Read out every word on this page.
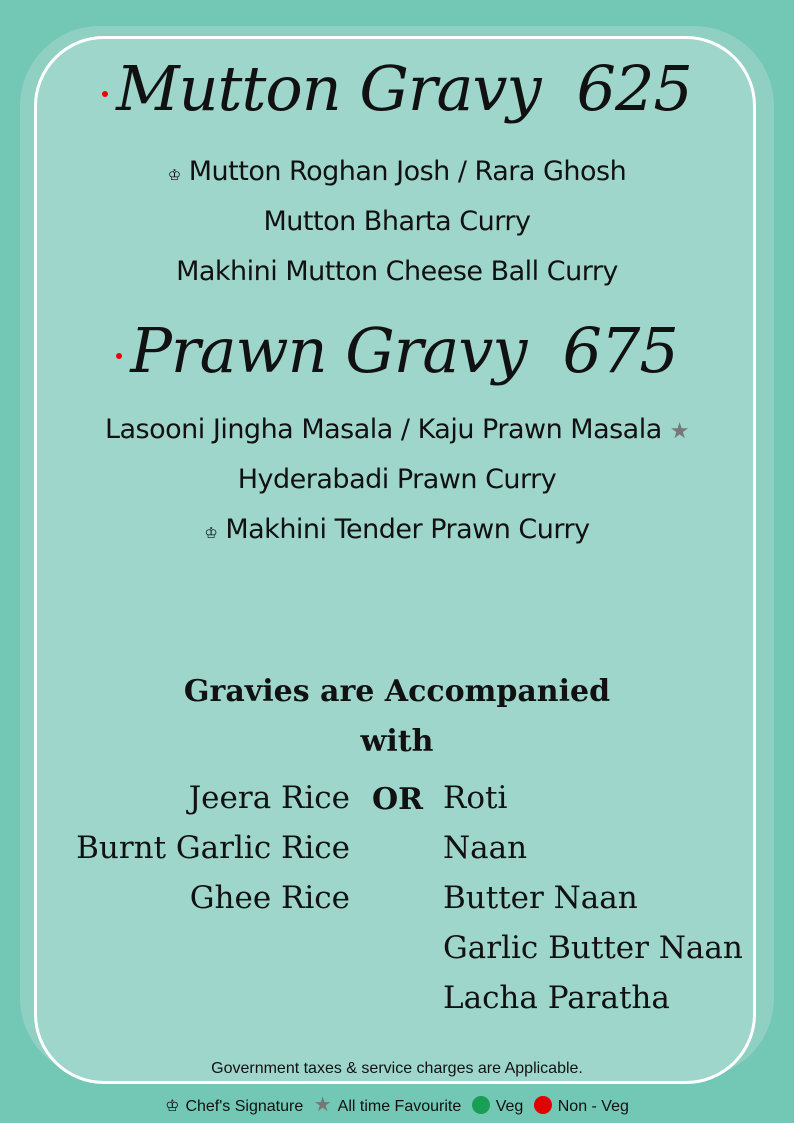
Mutton Gravy 625
♔ Mutton Roghan Josh / Rara Ghosh
Mutton Bharta Curry
Makhini Mutton Cheese Ball Curry
Prawn Gravy 675
Lasooni Jingha Masala / Kaju Prawn Masala ★
Hyderabadi Prawn Curry
♔ Makhini Tender Prawn Curry
Gravies are Accompanied
with
Jeera Rice
Burnt Garlic Rice
Ghee Rice
OR Roti
Naan
Butter Naan
Garlic Butter Naan
Lacha Paratha
Government taxes & service charges are Applicable.
♔ Chef's Signature ★ All time Favourite Veg Non - Veg
